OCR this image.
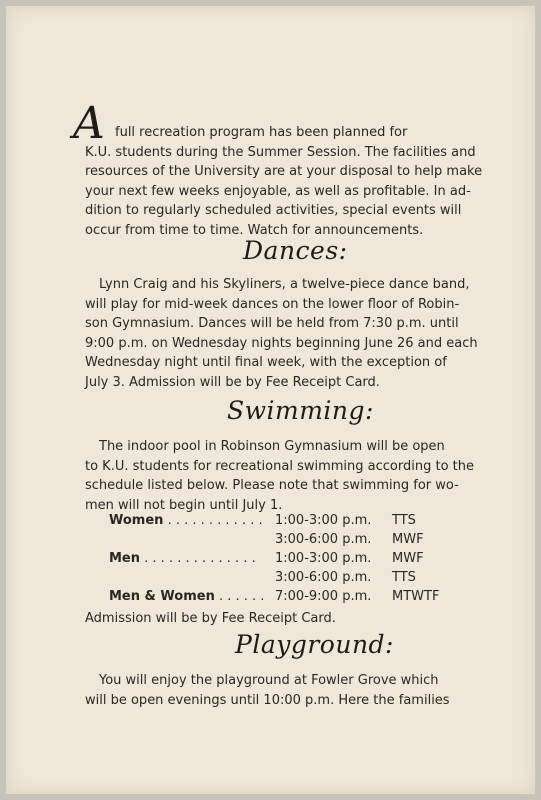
A full recreation program has been planned for
K.U. students during the Summer Session. The facilities and
resources of the University are at your disposal to help make
your next few weeks enjoyable, as well as profitable. In ad-
dition to regularly scheduled activities, special events will
occur from time to time. Watch for announcements.
Dances:
Lynn Craig and his Skyliners, a twelve-piece dance band,
will play for mid-week dances on the lower floor of Robin-
son Gymnasium. Dances will be held from 7:30 p.m. until
9:00 p.m. on Wednesday nights beginning June 26 and each
Wednesday night until final week, with the exception of
July 3. Admission will be by Fee Receipt Card.
Swimming:
The indoor pool in Robinson Gymnasium will be open
to K.U. students for recreational swimming according to the
schedule listed below. Please note that swimming for wo-
men will not begin until July 1.
Women . . . . . . . . . . . . 1:00-3:00 p.m. TTS
3:00-6:00 p.m. MWF
Men . . . . . . . . . . . . . .	1:00-3:00 p.m. MWF
3:00-6:00 p.m. TTS
Men & Women . . . . . . 7:00-9:00 p.m. MTWTF
Admission will be by Fee Receipt Card.
Playground:
You will enjoy the playground at Fowler Grove which
will be open evenings until 10:00 p.m. Here the families
